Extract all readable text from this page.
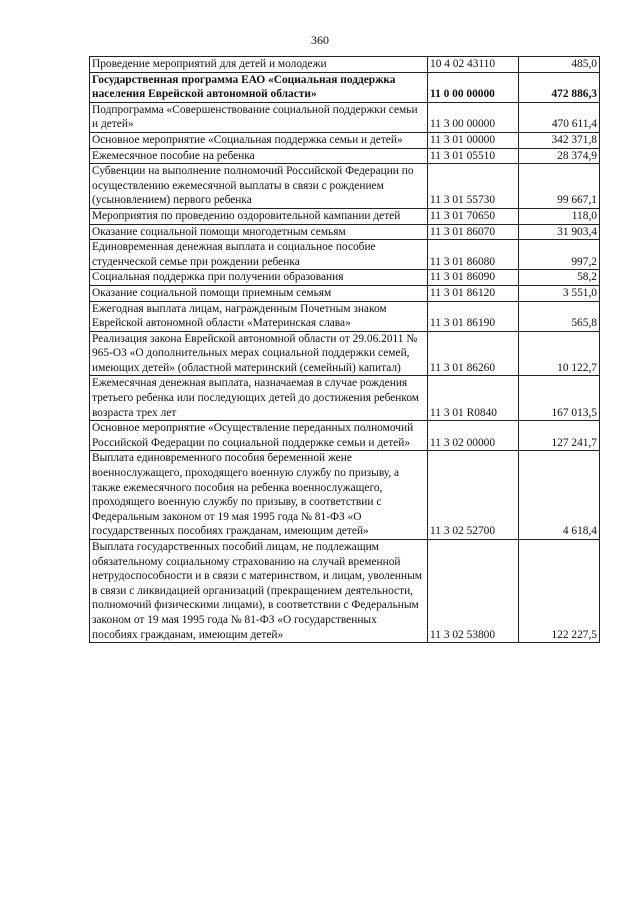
360
Проведение мероприятий для детей и молодежи	10 4 02 43110	485,0
Государственная программа ЕАО «Социальная поддержка населения Еврейской автономной области»	11 0 00 00000	472 886,3
Подпрограмма «Совершенствование социальной поддержки семьи и детей»	11 3 00 00000	470 611,4
Основное мероприятие «Социальная поддержка семьи и детей»	11 3 01 00000	342 371,8
Ежемесячное пособие на ребенка	11 3 01 05510	28 374,9
Субвенции на выполнение полномочий Российской Федерации по осуществлению ежемесячной выплаты в связи с рождением (усыновлением) первого ребенка	11 3 01 55730	99 667,1
Мероприятия по проведению оздоровительной кампании детей	11 3 01 70650	118,0
Оказание социальной помощи многодетным семьям	11 3 01 86070	31 903,4
Единовременная денежная выплата и социальное пособие студенческой семье при рождении ребенка	11 3 01 86080	997,2
Социальная поддержка при получении образования	11 3 01 86090	58,2
Оказание социальной помощи приемным семьям	11 3 01 86120	3 551,0
Ежегодная выплата лицам, награжденным Почетным знаком Еврейской автономной области «Материнская слава»	11 3 01 86190	565,8
Реализация закона Еврейской автономной области от 29.06.2011 № 965-ОЗ «О дополнительных мерах социальной поддержки семей, имеющих детей» (областной материнский (семейный) капитал)	11 3 01 86260	10 122,7
Ежемесячная денежная выплата, назначаемая в случае рождения третьего ребенка или последующих детей до достижения ребенком возраста трех лет	11 3 01 R0840	167 013,5
Основное мероприятие «Осуществление переданных полномочий Российской Федерации по социальной поддержке семьи и детей»	11 3 02 00000	127 241,7
Выплата единовременного пособия беременной жене военнослужащего, проходящего военную службу по призыву, а также ежемесячного пособия на ребенка военнослужащего, проходящего военную службу по призыву, в соответствии с Федеральным законом от 19 мая 1995 года № 81-ФЗ «О государственных пособиях гражданам, имеющим детей»	11 3 02 52700	4 618,4
Выплата государственных пособий лицам, не подлежащим обязательному социальному страхованию на случай временной нетрудоспособности и в связи с материнством, и лицам, уволенным в связи с ликвидацией организаций (прекращением деятельности, полномочий физическими лицами), в соответствии с Федеральным законом от 19 мая 1995 года № 81-ФЗ «О государственных пособиях гражданам, имеющим детей»	11 3 02 53800	122 227,5
